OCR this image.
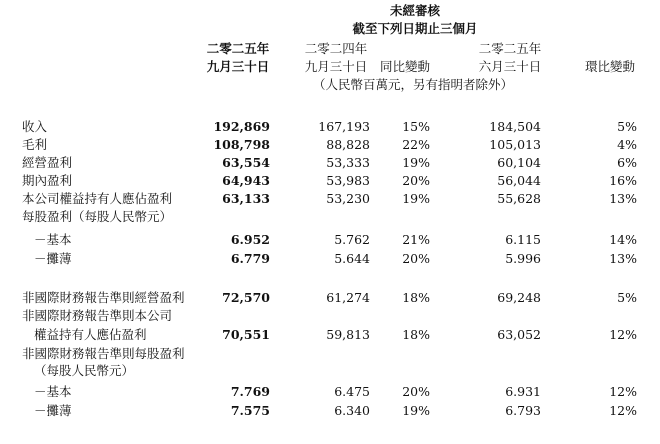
未經審核
截至下列日期止三個月
二零二五年
九月三十日
二零二四年
九月三十日 同比變動
二零二五年
六月三十日	環比變動
（人民幣百萬元，另有指明者除外）
收入	192,869	167,193	15%	184,504	5%
毛利	108,798	88,828	22%	105,013	4%
經營盈利	63,554	53,333	19%	60,104	6%
期內盈利	64,943	53,983	20%	56,044	16%
本公司權益持有人應佔盈利	63,133	53,230	19%	55,628	13%
每股盈利（每股人民幣元）
－基本	6.952	5.762	21%	6.115	14%
－攤薄	6.779	5.644	20%	5.996	13%
非國際財務報告準則經營盈利	72,570	61,274	18%	69,248	5%
非國際財務報告準則本公司
權益持有人應佔盈利	70,551	59,813	18%	63,052	12%
非國際財務報告準則每股盈利
（每股人民幣元）
－基本	7.769	6.475	20%	6.931	12%
－攤薄	7.575	6.340	19%	6.793	12%
